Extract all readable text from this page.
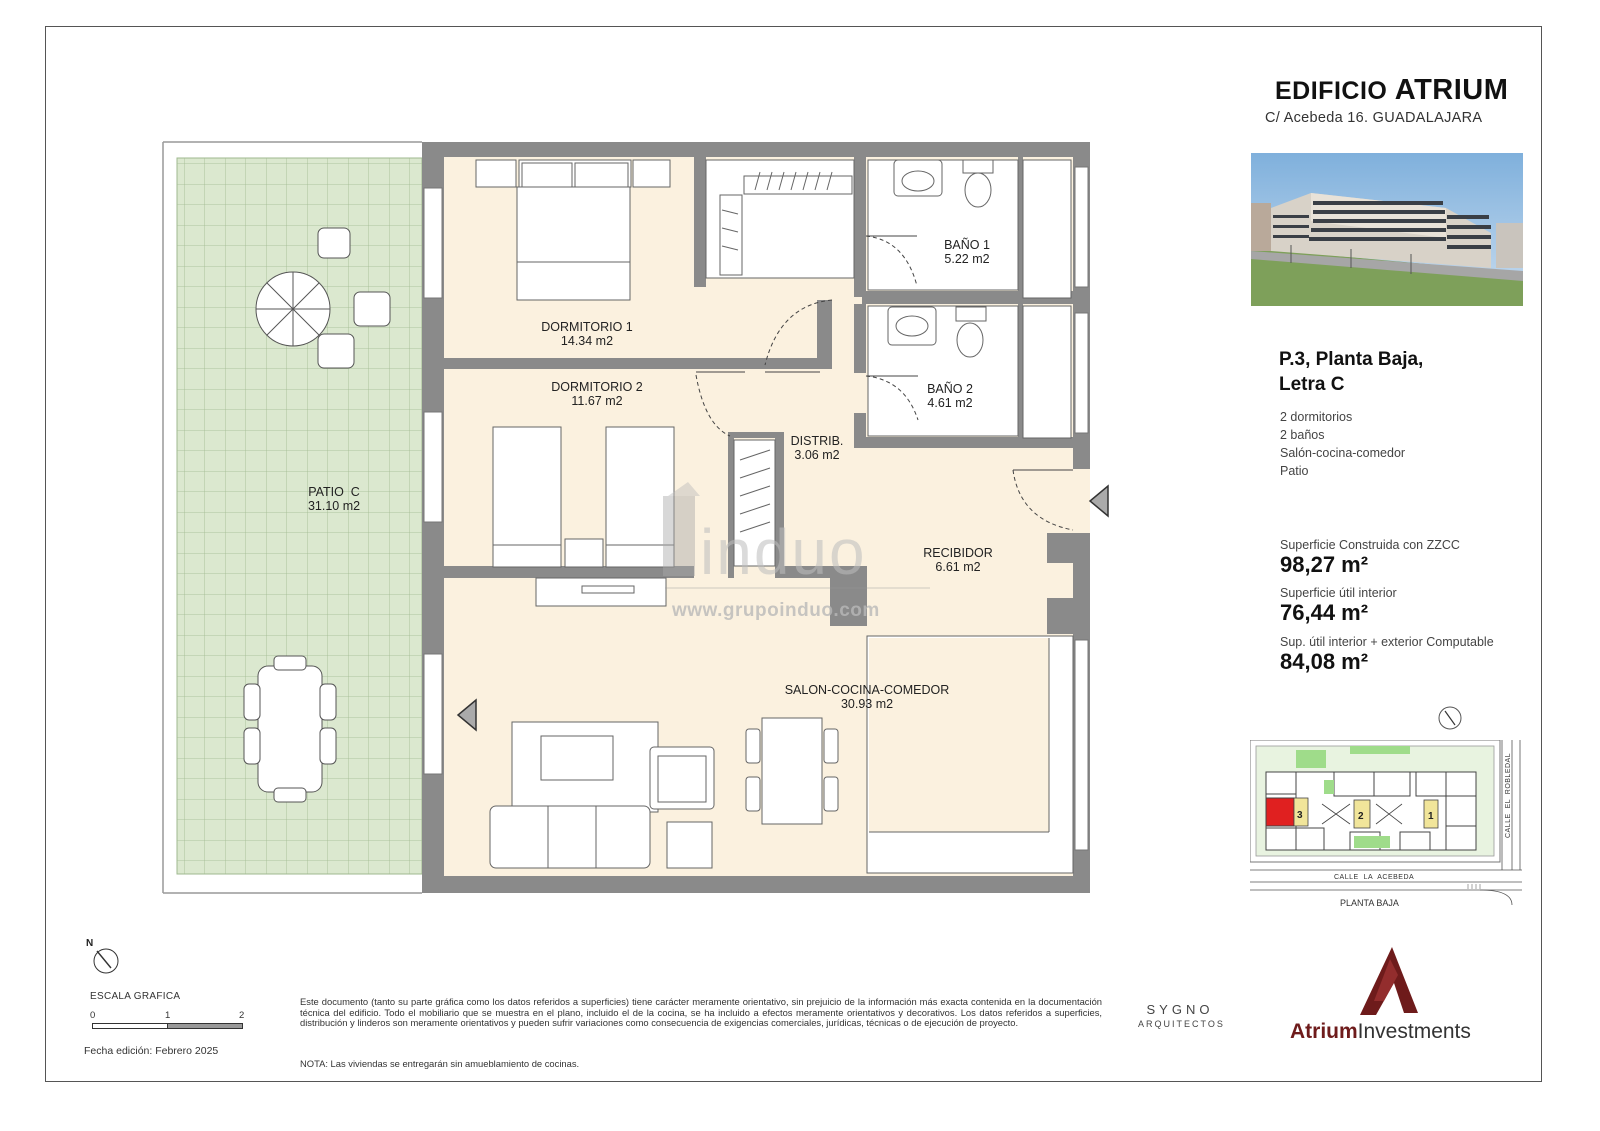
induo
www.grupoinduo.com
DORMITORIO 1
14.34 m2
BAÑO 1
5.22 m2
DORMITORIO 2
11.67 m2
BAÑO 2
4.61 m2
DISTRIB.
3.06 m2
RECIBIDOR
6.61 m2
PATIO  C
31.10 m2
SALON-COCINA-COMEDOR
30.93 m2
EDIFICIO ATRIUM
C/ Acebeda 16. GUADALAJARA
P.3, Planta Baja,
Letra C
2 dormitorios
2 baños
Salón-cocina-comedor
Patio
Superficie Construida con ZZCC
98,27 m²
Superficie útil interior
76,44 m²
Sup. útil interior + exterior Computable
84,08 m²
3	2	1
CALLE  LA  ACEBEDA
CALLE  EL  ROBLEDAL
PLANTA BAJA
N
ESCALA GRAFICA
0	1	2
Fecha edición: Febrero 2025
Este documento (tanto su parte gráfica como los datos referidos a superficies) tiene carácter meramente orientativo, sin prejuicio de la información más exacta contenida en la documentación técnica del edificio. Todo el mobiliario que se muestra en el plano, incluido el de la cocina, se ha incluido a efectos meramente orientativos y decorativos. Los datos referidos a superficies, distribución y linderos son meramente orientativos y pueden sufrir variaciones como consecuencia de exigencias comerciales, jurídicas, técnicas o de ejecución de proyecto.
NOTA: Las viviendas se entregarán sin amueblamiento de cocinas.
SYGNO
ARQUITECTOS	AtriumInvestments
